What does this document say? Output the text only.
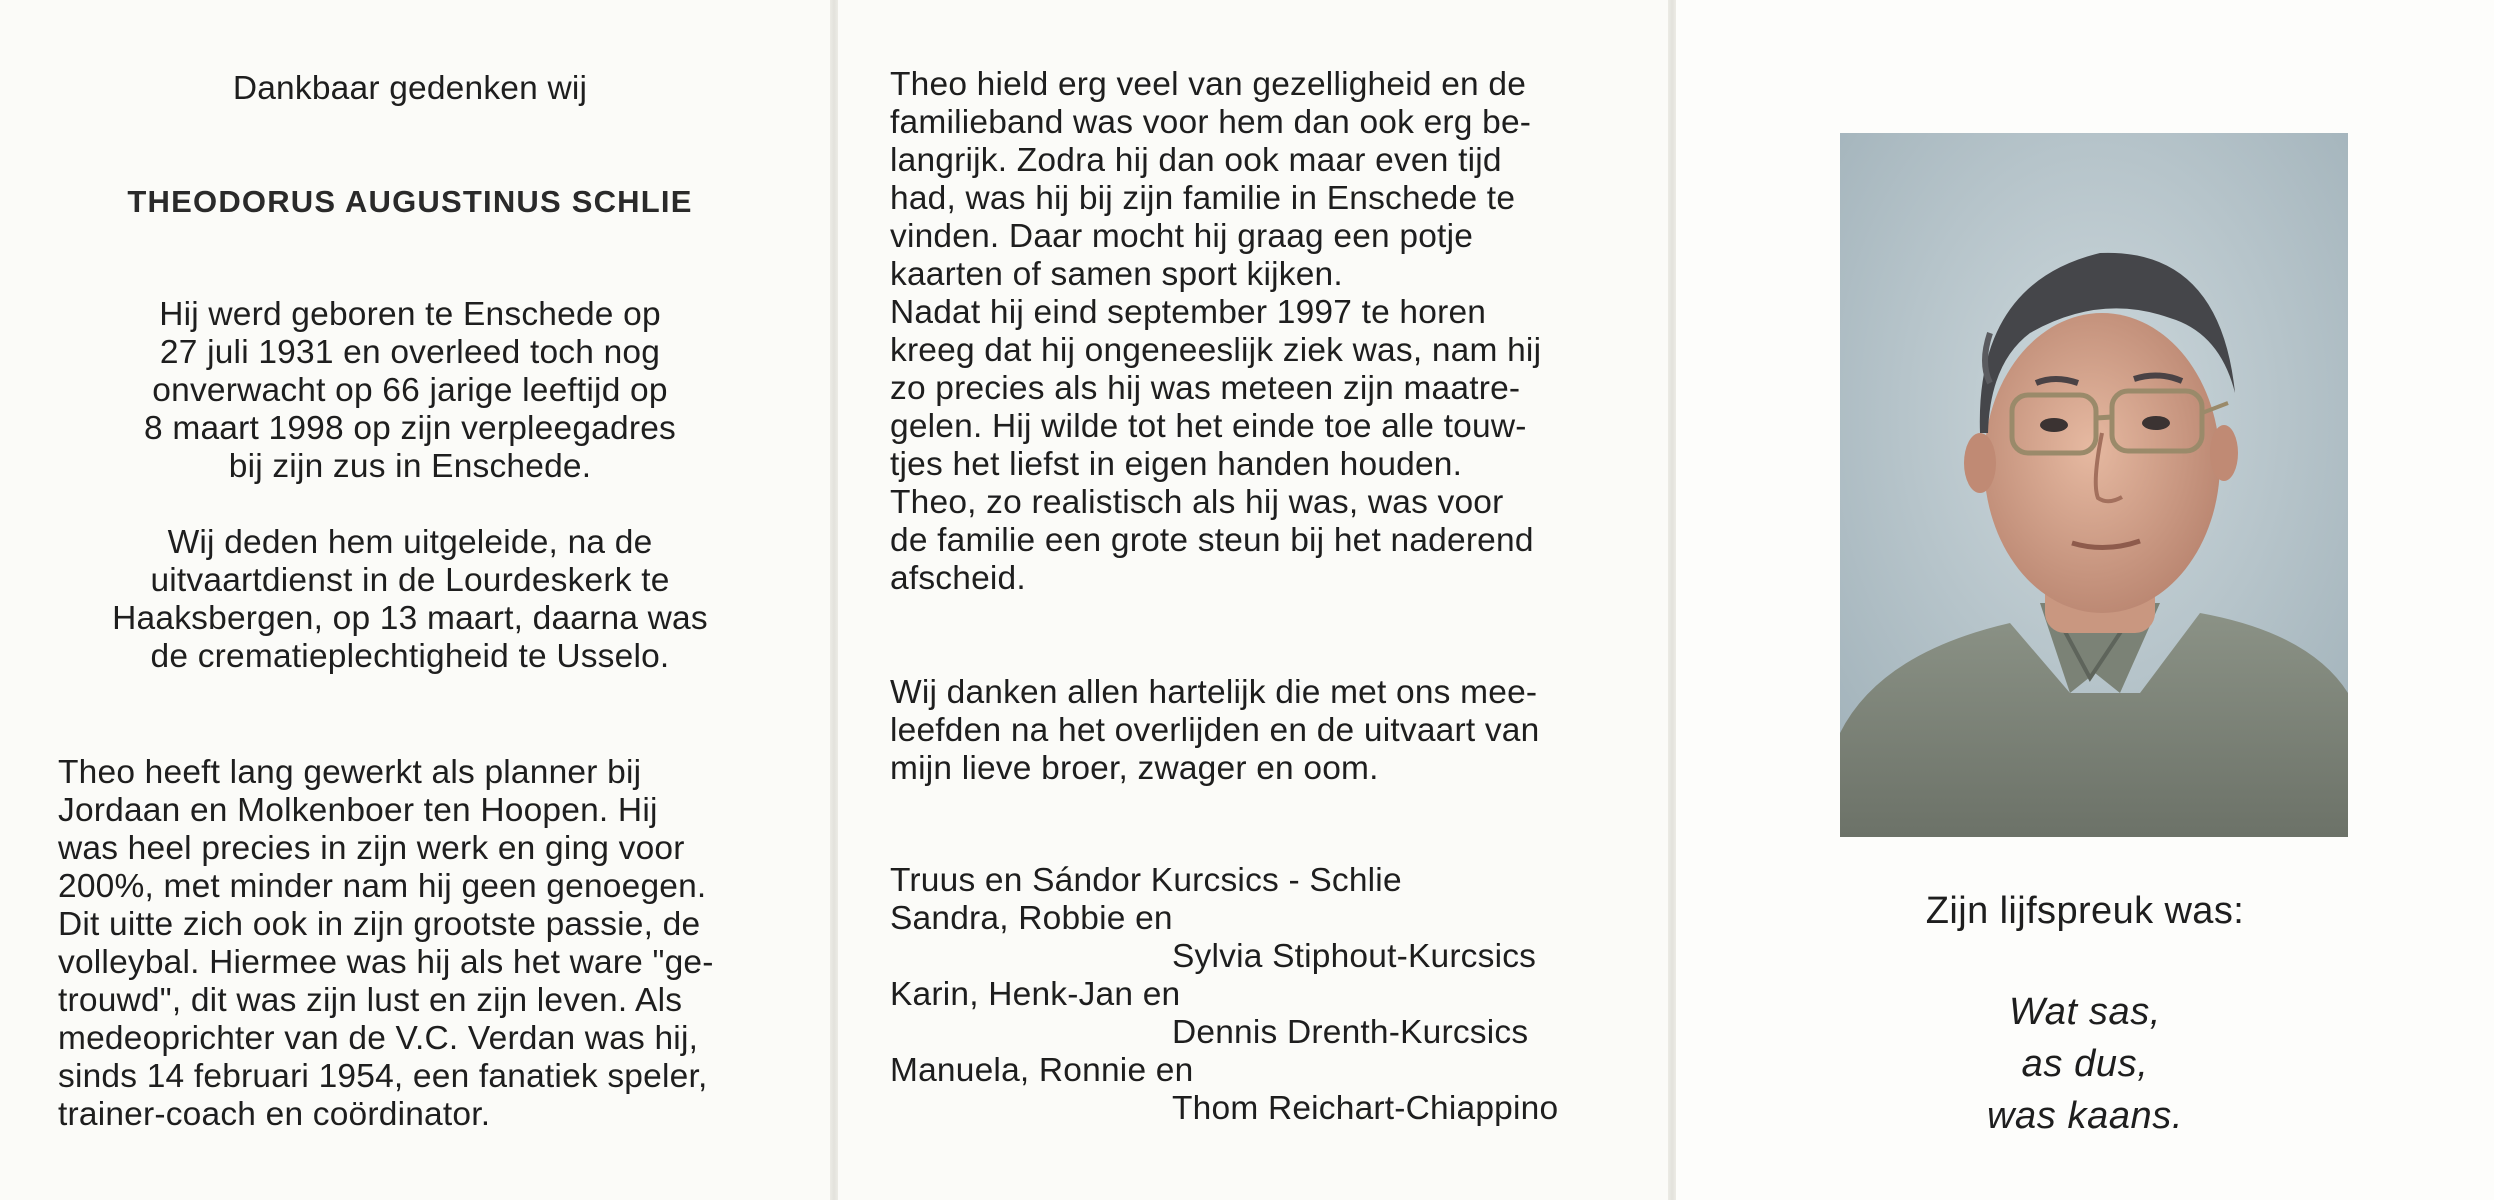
Dankbaar gedenken wij
THEODORUS AUGUSTINUS SCHLIE
Hij werd geboren te Enschede op
27 juli 1931 en overleed toch nog
onverwacht op 66 jarige leeftijd op
8 maart 1998 op zijn verpleegadres
bij zijn zus in Enschede.
Wij deden hem uitgeleide, na de
uitvaartdienst in de Lourdeskerk te
Haaksbergen, op 13 maart, daarna was
de crematieplechtigheid te Usselo.
Theo heeft lang gewerkt als planner bij
Jordaan en Molkenboer ten Hoopen. Hij
was heel precies in zijn werk en ging voor
200%, met minder nam hij geen genoegen.
Dit uitte zich ook in zijn grootste passie, de
volleybal. Hiermee was hij als het ware "ge-
trouwd", dit was zijn lust en zijn leven. Als
medeoprichter van de V.C. Verdan was hij,
sinds 14 februari 1954, een fanatiek speler,
trainer-coach en coördinator.
Theo hield erg veel van gezelligheid en de
familieband was voor hem dan ook erg be-
langrijk. Zodra hij dan ook maar even tijd
had, was hij bij zijn familie in Enschede te
vinden. Daar mocht hij graag een potje
kaarten of samen sport kijken.
Nadat hij eind september 1997 te horen
kreeg dat hij ongeneeslijk ziek was, nam hij
zo precies als hij was meteen zijn maatre-
gelen. Hij wilde tot het einde toe alle touw-
tjes het liefst in eigen handen houden.
Theo, zo realistisch als hij was, was voor
de familie een grote steun bij het naderend
afscheid.
Wij danken allen hartelijk die met ons mee-
leefden na het overlijden en de uitvaart van
mijn lieve broer, zwager en oom.
Truus en Sándor Kurcsics - Schlie
Sandra, Robbie en
Sylvia Stiphout-Kurcsics
Karin, Henk-Jan en
Dennis Drenth-Kurcsics
Manuela, Ronnie en
Thom Reichart-Chiappino
Zijn lijfspreuk was:
Wat sas,
as dus,
was kaans.
